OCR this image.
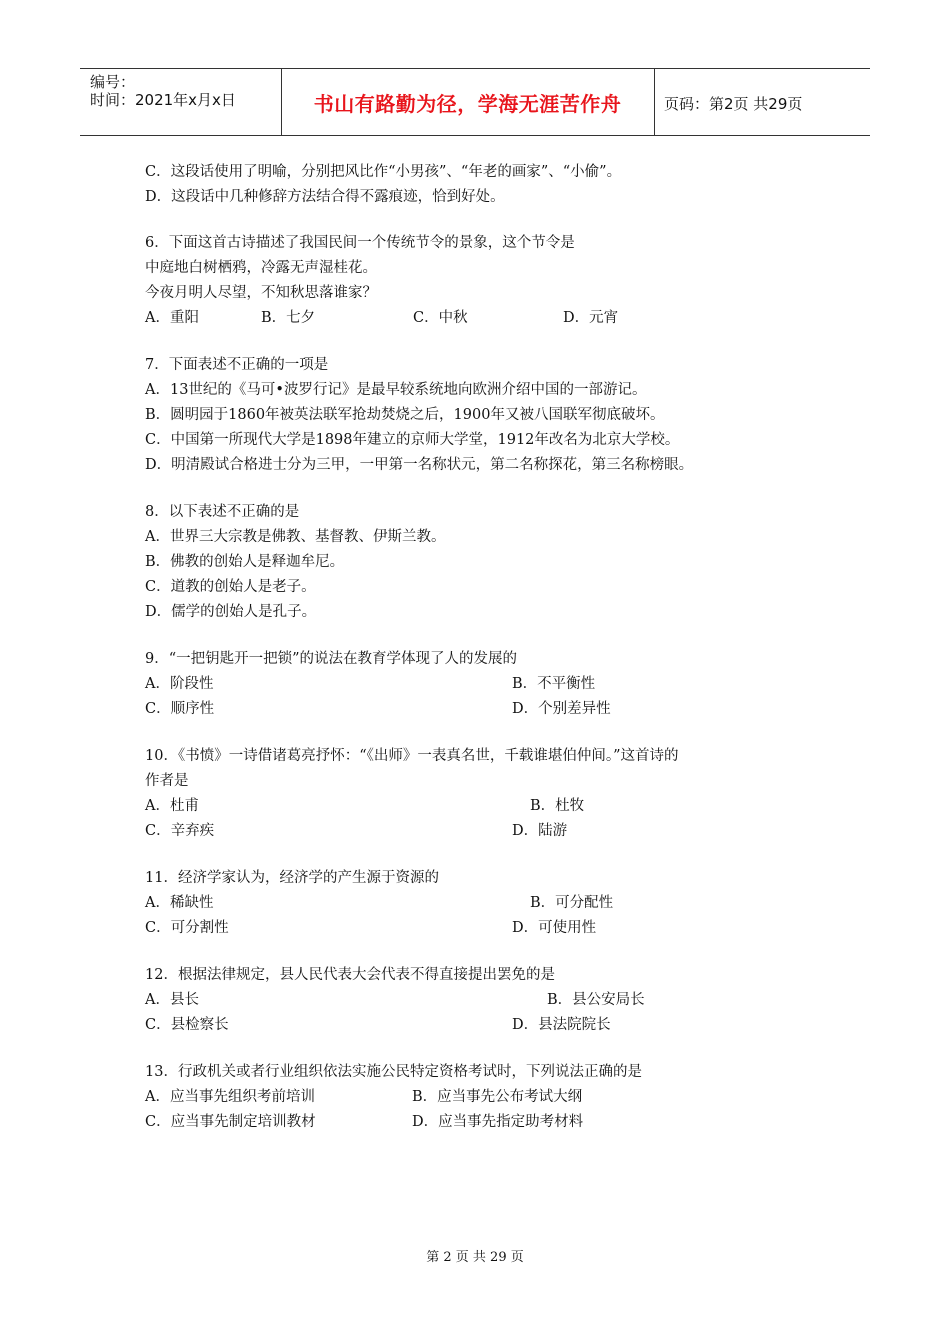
编号：
时间：2021年x月x日	书山有路勤为径，学海无涯苦作舟	页码：第2页 共29页
C．这段话使用了明喻，分别把风比作“小男孩”、“年老的画家”、“小偷”。
D．这段话中几种修辞方法结合得不露痕迹，恰到好处。
6．下面这首古诗描述了我国民间一个传统节令的景象，这个节令是
中庭地白树栖鸦，冷露无声湿桂花。
今夜月明人尽望，不知秋思落谁家？
A．重阳	B．七夕	C．中秋	D．元宵
7．下面表述不正确的一项是
A．13世纪的《马可•波罗行记》是最早较系统地向欧洲介绍中国的一部游记。
B．圆明园于1860年被英法联军抢劫焚烧之后，1900年又被八国联军彻底破坏。
C．中国第一所现代大学是1898年建立的京师大学堂，1912年改名为北京大学校。
D．明清殿试合格进士分为三甲，一甲第一名称状元，第二名称探花，第三名称榜眼。
8．以下表述不正确的是
A．世界三大宗教是佛教、基督教、伊斯兰教。
B．佛教的创始人是释迦牟尼。
C．道教的创始人是老子。
D．儒学的创始人是孔子。
9．“一把钥匙开一把锁”的说法在教育学体现了人的发展的
A．阶段性	B．不平衡性
C．顺序性	D．个别差异性
10．《书愤》一诗借诸葛亮抒怀：“《出师》一表真名世，千载谁堪伯仲间。”这首诗的
作者是
A．杜甫	B．杜牧
C．辛弃疾	D．陆游
11．经济学家认为，经济学的产生源于资源的
A．稀缺性	B．可分配性
C．可分割性	D．可使用性
12．根据法律规定，县人民代表大会代表不得直接提出罢免的是
A．县长	B．县公安局长
C．县检察长	D．县法院院长
13．行政机关或者行业组织依法实施公民特定资格考试时，下列说法正确的是
A．应当事先组织考前培训	B．应当事先公布考试大纲
C．应当事先制定培训教材	D．应当事先指定助考材料
第 2 页 共 29 页
